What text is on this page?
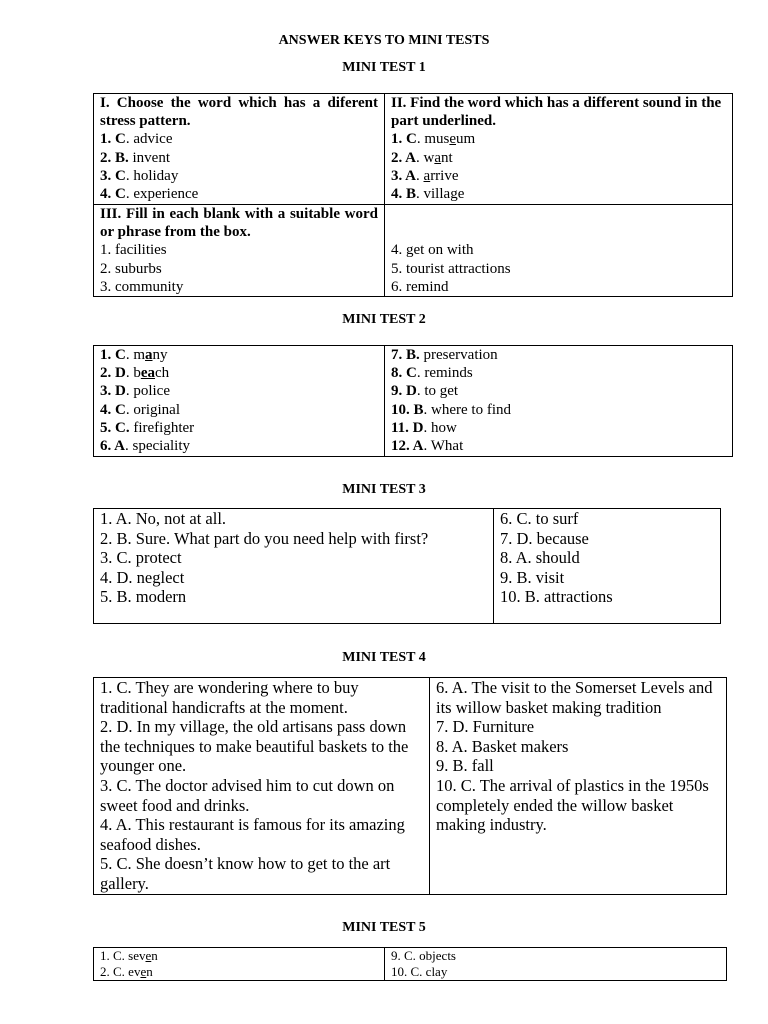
ANSWER KEYS TO MINI TESTS
MINI TEST 1
I. Choose the word which has a diferent stress pattern.
1. C. advice
2. B. invent
3. C. holiday
4. C. experience	II. Find the word which has a different sound in the part underlined.
1. C. museum
2. A. want
3. A. arrive
4. B. village

III. Fill in each blank with a suitable word or phrase from the box.
1. facilities
2. suburbs
3. community	4. get on with
5. tourist attractions
6. remind
MINI TEST 2
1. C. many
2. D. beach
3. D. police
4. C. original
5. C. firefighter
6. A. speciality

7. B. preservation
8. C. reminds
9. D. to get
10. B. where to find
11. D. how
12. A. What
MINI TEST 3
1. A. No, not at all.
2. B. Sure. What part do you need help with first?
3. C. protect
4. D. neglect
5. B. modern

6. C. to surf
7. D. because
8. A. should
9. B. visit
10. B. attractions
MINI TEST 4
1. C. They are wondering where to buy traditional handicrafts at the moment.
2. D. In my village, the old artisans pass down the techniques to make beautiful baskets to the younger one.
3. C. The doctor advised him to cut down on sweet food and drinks.
4. A. This restaurant is famous for its amazing seafood dishes.
5. C. She doesn’t know how to get to the art gallery.

6. A. The visit to the Somerset Levels and its willow basket making tradition
7. D. Furniture
8. A. Basket makers
9. B. fall
10. C. The arrival of plastics in the 1950s completely ended the willow basket making industry.
MINI TEST 5
1. C. seven
2. C. even

9. C. objects
10. C. clay
